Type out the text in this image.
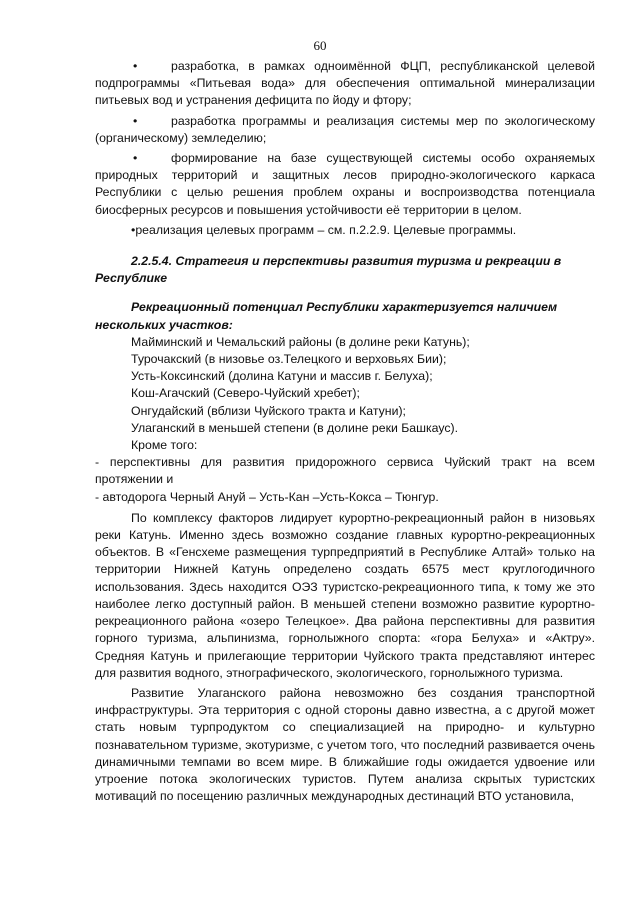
60

•	разработка, в рамках одноимённой ФЦП, республиканской целевой подпрограммы «Питьевая вода» для обеспечения оптимальной минерализации питьевых вод и устранения дефицита по йоду и фтору;

•	разработка программы и реализация системы мер по экологическому (органическому) земледелию;

•	формирование на базе существующей системы особо охраняемых природных территорий и защитных лесов природно-экологического каркаса Республики с целью решения проблем охраны и воспроизводства потенциала биосферных ресурсов и повышения устойчивости её территории в целом.

•реализация целевых программ – см. п.2.2.9. Целевые программы.

2.2.5.4. Стратегия и перспективы развития туризма и рекреации в Республике

Рекреационный потенциал Республики характеризуется наличием нескольких участков:

Майминский и Чемальский районы (в долине реки Катунь);

Турочакский (в низовье оз.Телецкого и верховьях Бии);

Усть-Коксинский (долина Катуни и массив г. Белуха);

Кош-Агачский (Северо-Чуйский хребет);

Онгудайский (вблизи Чуйского тракта и Катуни);

Улаганский в меньшей степени (в долине реки Башкаус).

Кроме того:

- перспективны для развития придорожного сервиса Чуйский тракт на всем протяжении и

- автодорога Черный Ануй – Усть-Кан –Усть-Кокса – Тюнгур.

По комплексу факторов лидирует курортно-рекреационный район в низовьях реки Катунь. Именно здесь возможно создание главных курортно-рекреационных объектов. В «Генсхеме размещения турпредприятий в Республике Алтай» только на территории Нижней Катунь определено создать 6575 мест круглогодичного использования. Здесь находится ОЭЗ туристско-рекреационного типа, к тому же это наиболее легко доступный район. В меньшей степени возможно развитие курортно-рекреационного района «озеро Телецкое». Два района перспективны для развития горного туризма, альпинизма, горнолыжного спорта: «гора Белуха» и «Актру». Средняя Катунь и прилегающие территории Чуйского тракта представляют интерес для развития водного, этнографического, экологического, горнолыжного туризма.

Развитие Улаганского района невозможно без создания транспортной инфраструктуры. Эта территория с одной стороны давно известна, а с другой может стать новым турпродуктом со специализацией на природно- и культурно познавательном туризме, экотуризме, с учетом того, что последний развивается очень динамичными темпами во всем мире. В ближайшие годы ожидается удвоение или утроение потока экологических туристов. Путем анализа скрытых туристских мотиваций по посещению различных международных дестинаций ВТО установила,
